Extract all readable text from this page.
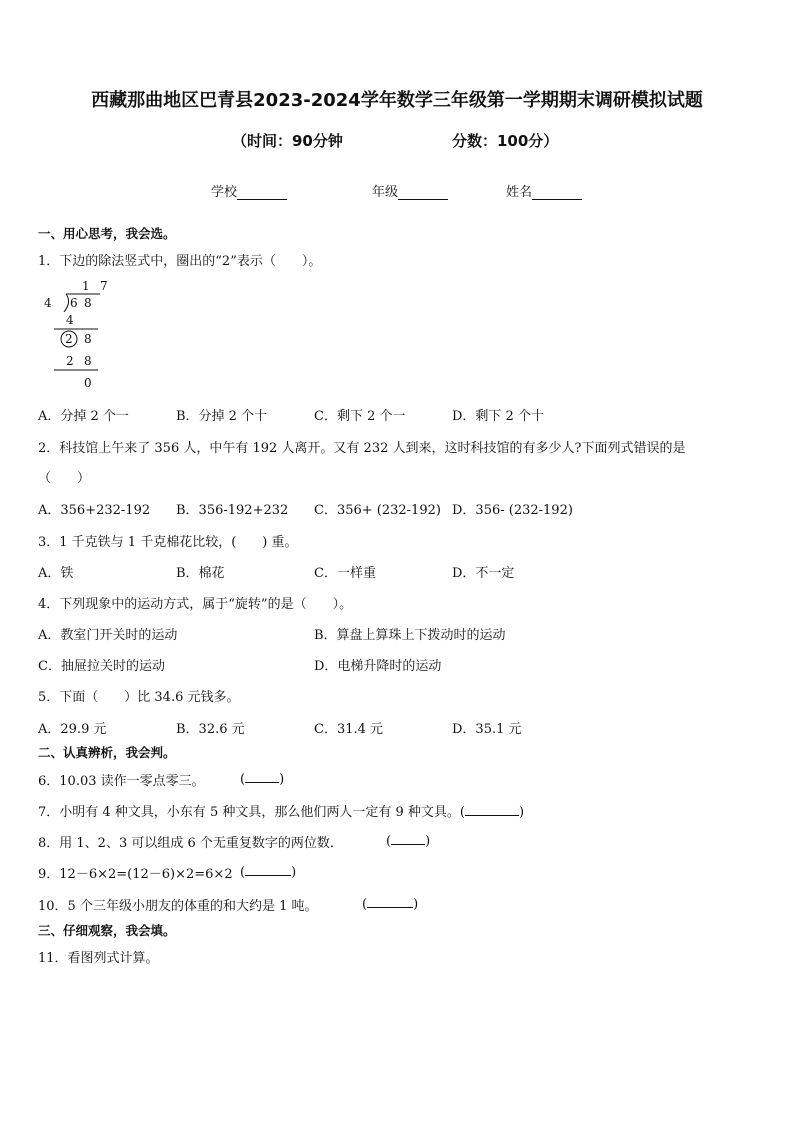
西藏那曲地区巴青县2023-2024学年数学三年级第一学期期末调研模拟试题
（时间：90分钟	分数：100分）
学校	年级	姓名
一、用心思考，我会选。
1．下边的除法竖式中，圈出的“2”表示（　　）。
1 7
4 6 8
4
2 8
2 8
0
A．分掉 2 个一	B．分掉 2 个十	C．剩下 2 个一	D．剩下 2 个十
2．科技馆上午来了 356 人，中午有 192 人离开。又有 232 人到来，这时科技馆的有多少人?下面列式错误的是
（　　）
A．356+232-192 B．356-192+232 C．356+ (232-192) D．356- (232-192)
3．1 千克铁与 1 千克棉花比较，(　　) 重。
A．铁	B．棉花	C．一样重	D．不一定
4．下列现象中的运动方式，属于“旋转”的是（　　）。
A．教室门开关时的运动	B．算盘上算珠上下拨动时的运动
C．抽屉拉关时的运动	D．电梯升降时的运动
5．下面（　　）比 34.6 元钱多。
A．29.9 元	B．32.6 元	C．31.4 元	D．35.1 元
二、认真辨析，我会判。
6．10.03 读作一零点零三。	(	)
7．小明有 4 种文具，小东有 5 种文具，那么他们两人一定有 9 种文具。(	)
8．用 1、2、3 可以组成 6 个无重复数字的两位数．	(	)
9．12－6×2=(12－6)×2=6×2 (	)
10．5 个三年级小朋友的体重的和大约是 1 吨。	(	)
三、仔细观察，我会填。
11．看图列式计算。
